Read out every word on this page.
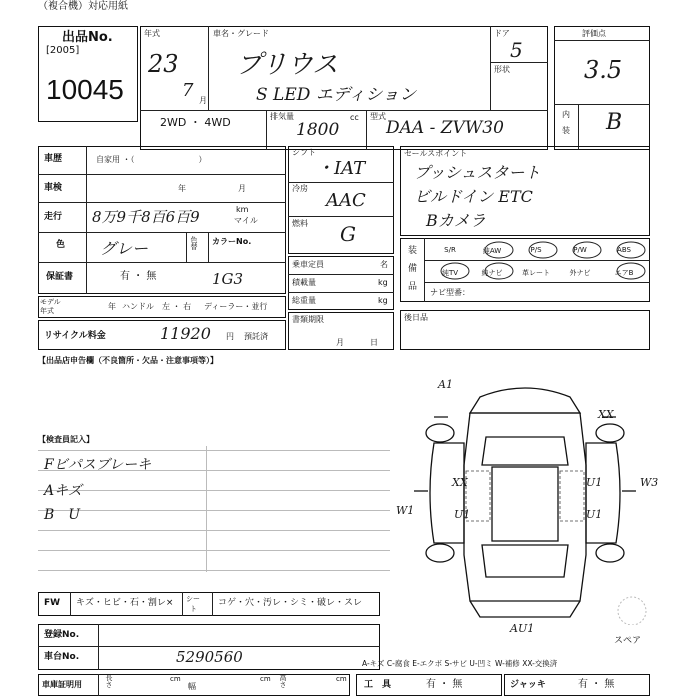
（複合機）対応用紙
出品No.
[2005]
10045
年式
23
7 月
車名・グレード
プリウス
S LED エディション
ドア
5
形状
2WD ・ 4WD	排気量
1800
cc 型式
DAA - ZVW30
評価点
3.5
内
装 B
車歴	自家用 ・（　　　　　　　　）
車検	年	月
走行 8万9千8百6百9	km
マイル
色 グレー	色替 カラーNo.
保証書	有 ・ 無	1G3
モデル
年式	年 ハンドル　左 ・ 右 ディーラー・並行
リサイクル料金	11920 円 預託済
シフト
・IAT
冷房
AAC
燃料 G
乗車定員	名
積載量	kg
総重量	kg
書類期限
月	日
セールスポイント
プッシュスタート
ビルドイン ETC
Bカメラ
装
備
品
S/R	純AW	P/S	P/W	ABS
純TV	純ナビ	革レート	外ナビ	エアB
ナビ型番：
後日品
【出品店申告欄（不良箇所・欠品・注意事項等）】
【検査員記入】
Fビパスブレーキ
Aキズ
B　U
A1
XX
W3
W1
XX
U1
U1
U1
AU1
スペア
FW キズ・ヒビ・石・割レ× シー
ト
コゲ・穴・汚レ・シミ・破レ・スレ
登録No.
車台No.	5290560
車庫証明用	長さ	cm
幅
cm 高さ	cm
A-キズ C-腐食 E-エクボ S-サビ U-凹ミ W-補修 XX-交換済
工　具	有 ・ 無	ジャッキ	有 ・ 無
